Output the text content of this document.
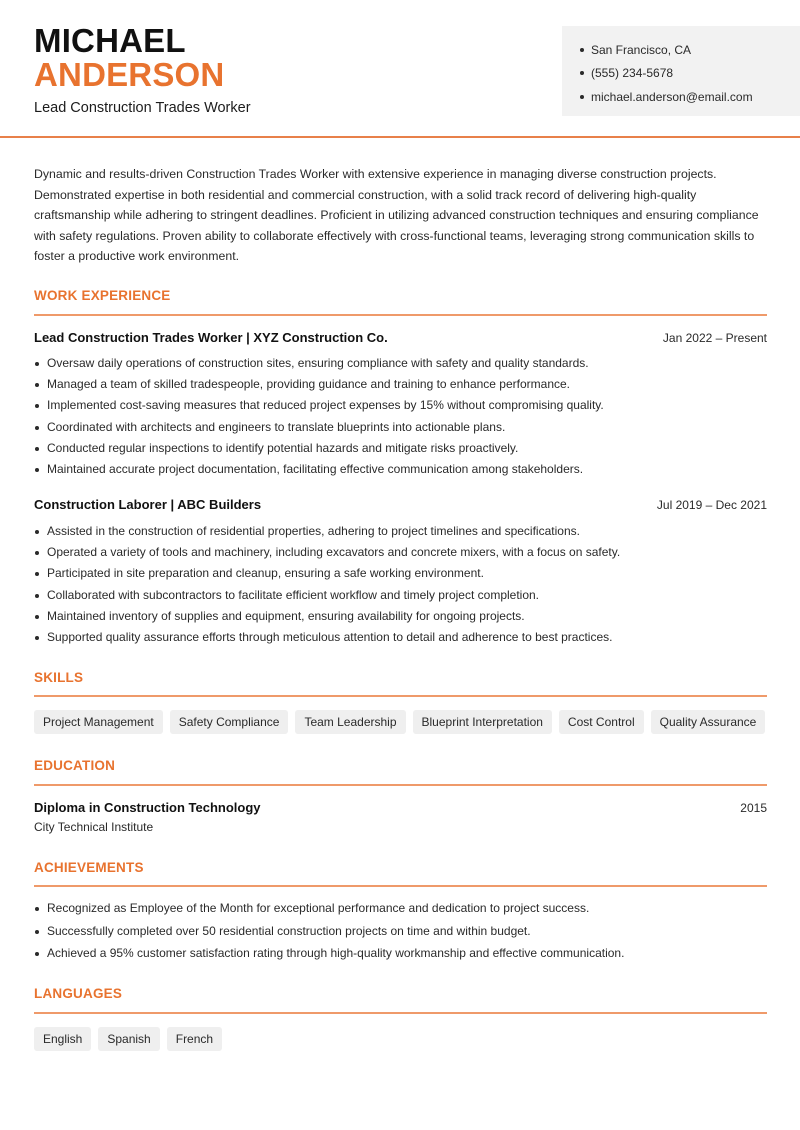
MICHAEL
ANDERSON
Lead Construction Trades Worker
San Francisco, CA
(555) 234-5678
michael.anderson@email.com

Dynamic and results-driven Construction Trades Worker with extensive experience in managing diverse construction projects. Demonstrated expertise in both residential and commercial construction, with a solid track record of delivering high-quality craftsmanship while adhering to stringent deadlines. Proficient in utilizing advanced construction techniques and ensuring compliance with safety regulations. Proven ability to collaborate effectively with cross-functional teams, leveraging strong communication skills to foster a productive work environment.

WORK EXPERIENCE
Lead Construction Trades Worker | XYZ Construction Co.	Jan 2022 – Present
Oversaw daily operations of construction sites, ensuring compliance with safety and quality standards.
Managed a team of skilled tradespeople, providing guidance and training to enhance performance.
Implemented cost-saving measures that reduced project expenses by 15% without compromising quality.
Coordinated with architects and engineers to translate blueprints into actionable plans.
Conducted regular inspections to identify potential hazards and mitigate risks proactively.
Maintained accurate project documentation, facilitating effective communication among stakeholders.
Construction Laborer | ABC Builders	Jul 2019 – Dec 2021
Assisted in the construction of residential properties, adhering to project timelines and specifications.
Operated a variety of tools and machinery, including excavators and concrete mixers, with a focus on safety.
Participated in site preparation and cleanup, ensuring a safe working environment.
Collaborated with subcontractors to facilitate efficient workflow and timely project completion.
Maintained inventory of supplies and equipment, ensuring availability for ongoing projects.
Supported quality assurance efforts through meticulous attention to detail and adherence to best practices.
SKILLS
Project Management	Safety Compliance	Team Leadership	Blueprint Interpretation	Cost Control	Quality Assurance
EDUCATION
Diploma in Construction Technology	2015
City Technical Institute
ACHIEVEMENTS
Recognized as Employee of the Month for exceptional performance and dedication to project success.
Successfully completed over 50 residential construction projects on time and within budget.
Achieved a 95% customer satisfaction rating through high-quality workmanship and effective communication.
LANGUAGES
English	Spanish	French
